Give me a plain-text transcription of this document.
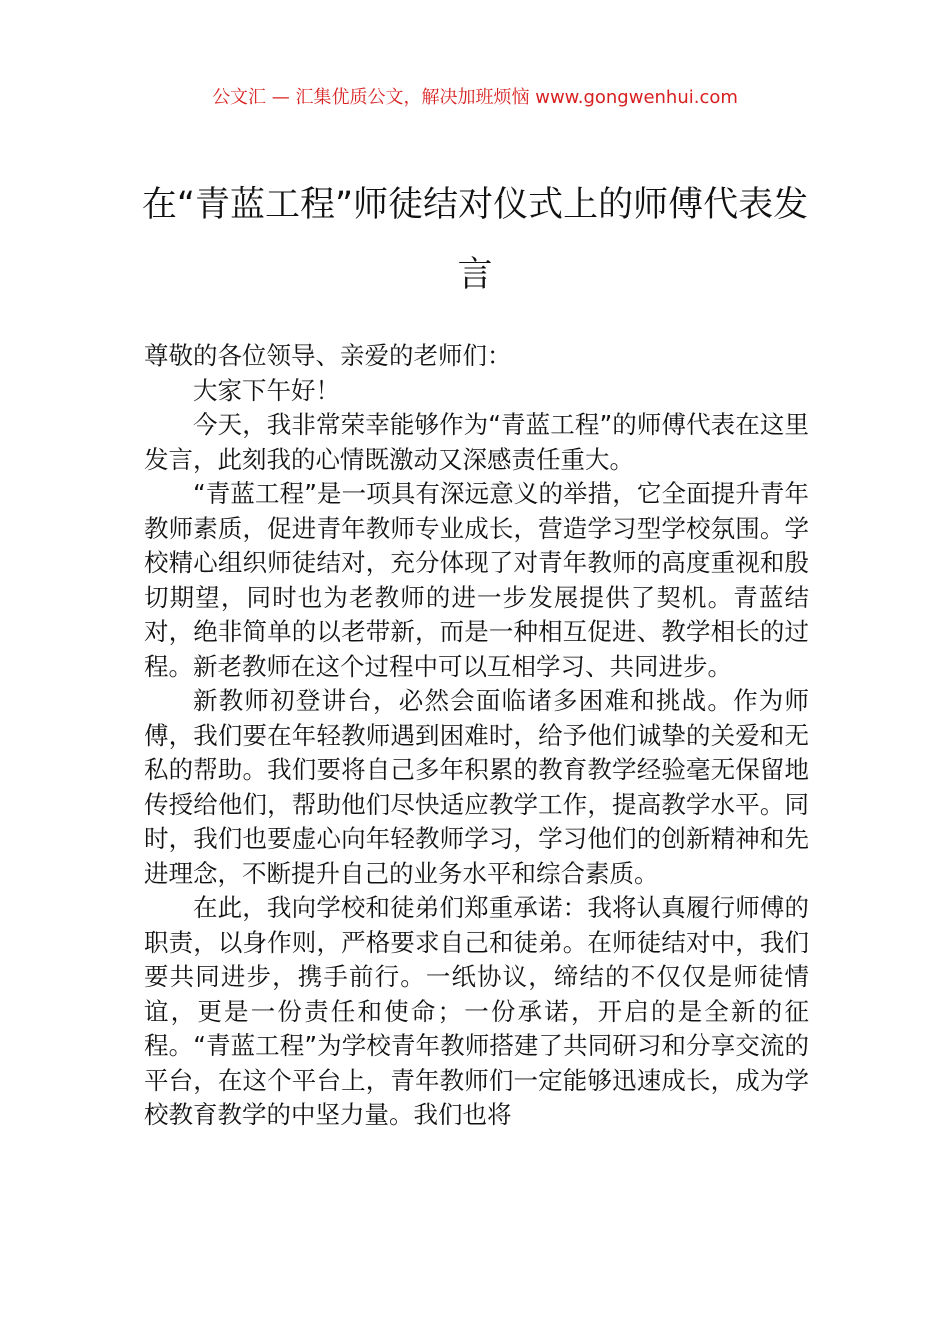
公文汇 — 汇集优质公文，解决加班烦恼 www.gongwenhui.com
在“青蓝工程”师徒结对仪式上的师傅代表发言

尊敬的各位领导、亲爱的老师们：

大家下午好！

今天，我非常荣幸能够作为“青蓝工程”的师傅代表在这里发言，此刻我的心情既激动又深感责任重大。

“青蓝工程”是一项具有深远意义的举措，它全面提升青年教师素质，促进青年教师专业成长，营造学习型学校氛围。学校精心组织师徒结对，充分体现了对青年教师的高度重视和殷切期望，同时也为老教师的进一步发展提供了契机。青蓝结对，绝非简单的以老带新，而是一种相互促进、教学相长的过程。新老教师在这个过程中可以互相学习、共同进步。

新教师初登讲台，必然会面临诸多困难和挑战。作为师傅，我们要在年轻教师遇到困难时，给予他们诚挚的关爱和无私的帮助。我们要将自己多年积累的教育教学经验毫无保留地传授给他们，帮助他们尽快适应教学工作，提高教学水平。同时，我们也要虚心向年轻教师学习，学习他们的创新精神和先进理念，不断提升自己的业务水平和综合素质。

在此，我向学校和徒弟们郑重承诺：我将认真履行师傅的职责，以身作则，严格要求自己和徒弟。在师徒结对中，我们要共同进步，携手前行。一纸协议，缔结的不仅仅是师徒情谊，更是一份责任和使命；一份承诺，开启的是全新的征程。“青蓝工程”为学校青年教师搭建了共同研习和分享交流的平台，在这个平台上，青年教师们一定能够迅速成长，成为学校教育教学的中坚力量。我们也将
